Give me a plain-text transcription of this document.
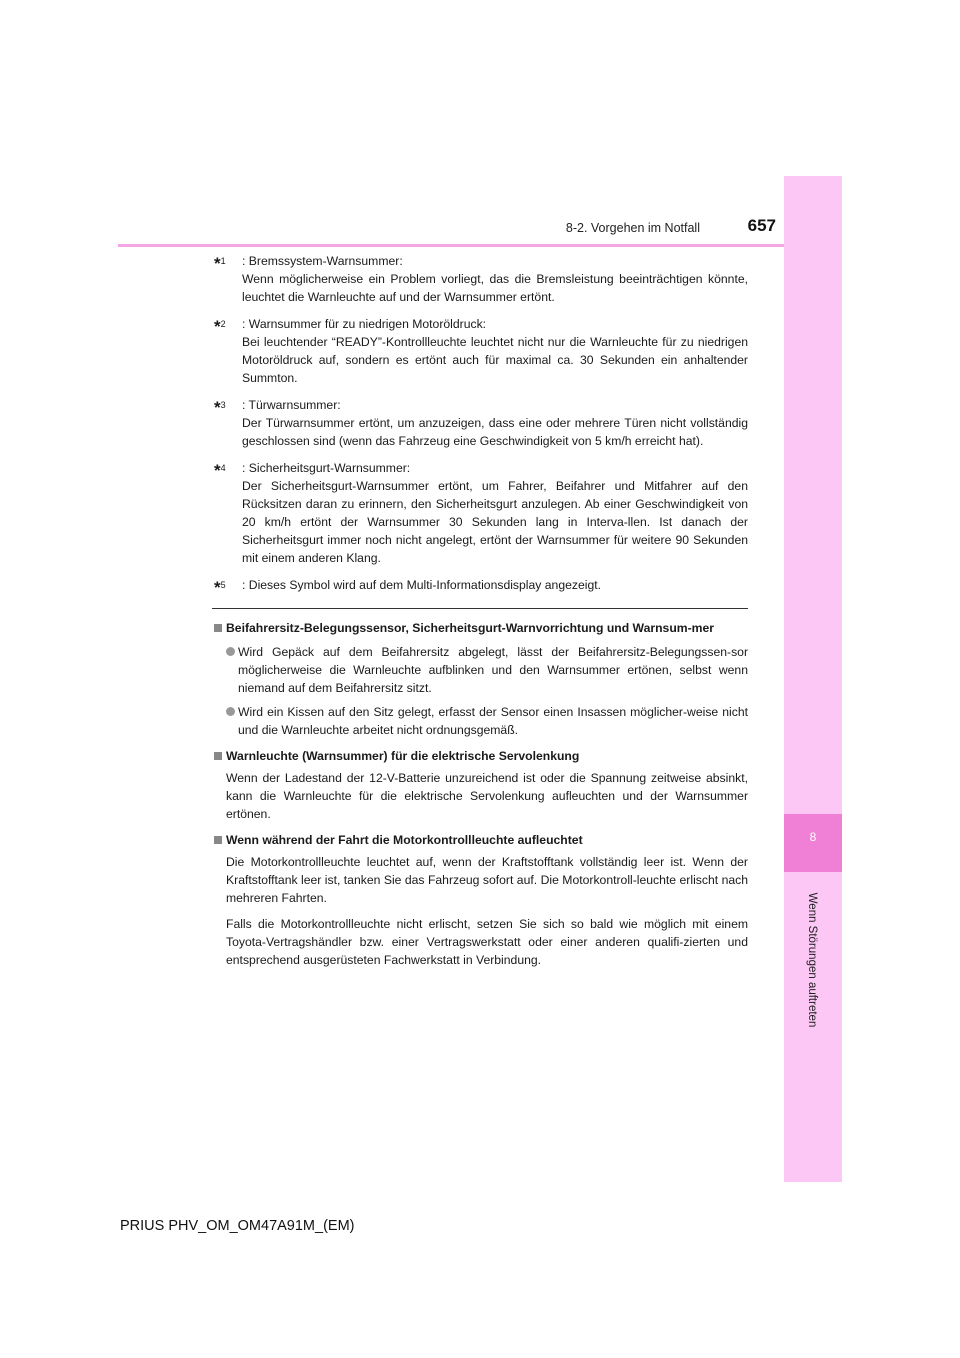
8
Wenn Störungen auftreten
8-2. Vorgehen im Notfall	657
*$^1$ : Bremssystem-Warnsummer:

Wenn möglicherweise ein Problem vorliegt, das die Bremsleistung beeinträchtigen könnte, leuchtet die Warnleuchte auf und der Warnsummer ertönt.

*$^2$ : Warnsummer für zu niedrigen Motoröldruck:

Bei leuchtender “READY”-Kontrollleuchte leuchtet nicht nur die Warnleuchte für zu niedrigen Motoröldruck auf, sondern es ertönt auch für maximal ca. 30 Sekunden ein anhaltender Summton.

*$^3$ : Türwarnsummer:

Der Türwarnsummer ertönt, um anzuzeigen, dass eine oder mehrere Türen nicht vollständig geschlossen sind (wenn das Fahrzeug eine Geschwindigkeit von 5 km/h erreicht hat).

*$^4$ : Sicherheitsgurt-Warnsummer:

Der Sicherheitsgurt-Warnsummer ertönt, um Fahrer, Beifahrer und Mitfahrer auf den Rücksitzen daran zu erinnern, den Sicherheitsgurt anzulegen. Ab einer Geschwindigkeit von 20 km/h ertönt der Warnsummer 30 Sekunden lang in Interva-llen. Ist danach der Sicherheitsgurt immer noch nicht angelegt, ertönt der Warnsummer für weitere 90 Sekunden mit einem anderen Klang.

*$^5$ : Dieses Symbol wird auf dem Multi-Informationsdisplay angezeigt.

Beifahrersitz-Belegungssensor, Sicherheitsgurt-Warnvorrichtung und Warnsum-mer
Wird Gepäck auf dem Beifahrersitz abgelegt, lässt der Beifahrersitz-Belegungssen-sor möglicherweise die Warnleuchte aufblinken und den Warnsummer ertönen, selbst wenn niemand auf dem Beifahrersitz sitzt.
Wird ein Kissen auf den Sitz gelegt, erfasst der Sensor einen Insassen möglicher-weise nicht und die Warnleuchte arbeitet nicht ordnungsgemäß.
Warnleuchte (Warnsummer) für die elektrische Servolenkung

Wenn der Ladestand der 12-V-Batterie unzureichend ist oder die Spannung zeitweise absinkt, kann die Warnleuchte für die elektrische Servolenkung aufleuchten und der Warnsummer ertönen.

Wenn während der Fahrt die Motorkontrollleuchte aufleuchtet

Die Motorkontrollleuchte leuchtet auf, wenn der Kraftstofftank vollständig leer ist. Wenn der Kraftstofftank leer ist, tanken Sie das Fahrzeug sofort auf. Die Motorkontroll-leuchte erlischt nach mehreren Fahrten.

Falls die Motorkontrollleuchte nicht erlischt, setzen Sie sich so bald wie möglich mit einem Toyota-Vertragshändler bzw. einer Vertragswerkstatt oder einer anderen qualifi-zierten und entsprechend ausgerüsteten Fachwerkstatt in Verbindung.

PRIUS PHV_OM_OM47A91M_(EM)
